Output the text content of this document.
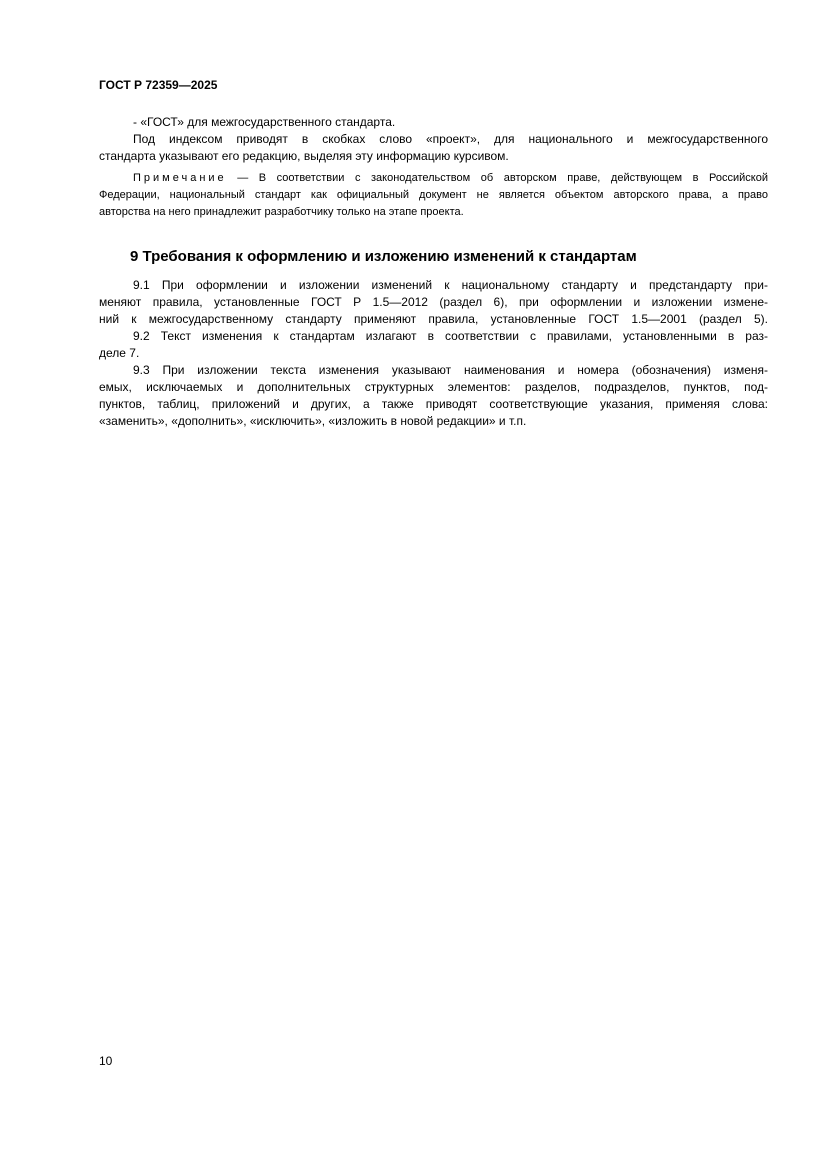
ГОСТ Р 72359—2025
- «ГОСТ» для межгосударственного стандарта.
Под индексом приводят в скобках слово «проект», для национального и межгосударственного
стандарта указывают его редакцию, выделяя эту информацию курсивом.
Примечание — В соответствии с законодательством об авторском праве, действующем в Российской
Федерации, национальный стандарт как официальный документ не является объектом авторского права, а право
авторства на него принадлежит разработчику только на этапе проекта.
9 Требования к оформлению и изложению изменений к стандартам
9.1 При оформлении и изложении изменений к национальному стандарту и предстандарту при-
меняют правила, установленные ГОСТ Р 1.5—2012 (раздел 6), при оформлении и изложении измене-
ний к межгосударственному стандарту применяют правила, установленные ГОСТ 1.5—2001 (раздел 5).
9.2 Текст изменения к стандартам излагают в соответствии с правилами, установленными в раз-
деле 7.
9.3 При изложении текста изменения указывают наименования и номера (обозначения) изменя-
емых, исключаемых и дополнительных структурных элементов: разделов, подразделов, пунктов, под-
пунктов, таблиц, приложений и других, а также приводят соответствующие указания, применяя слова:
«заменить», «дополнить», «исключить», «изложить в новой редакции» и т.п.
10
